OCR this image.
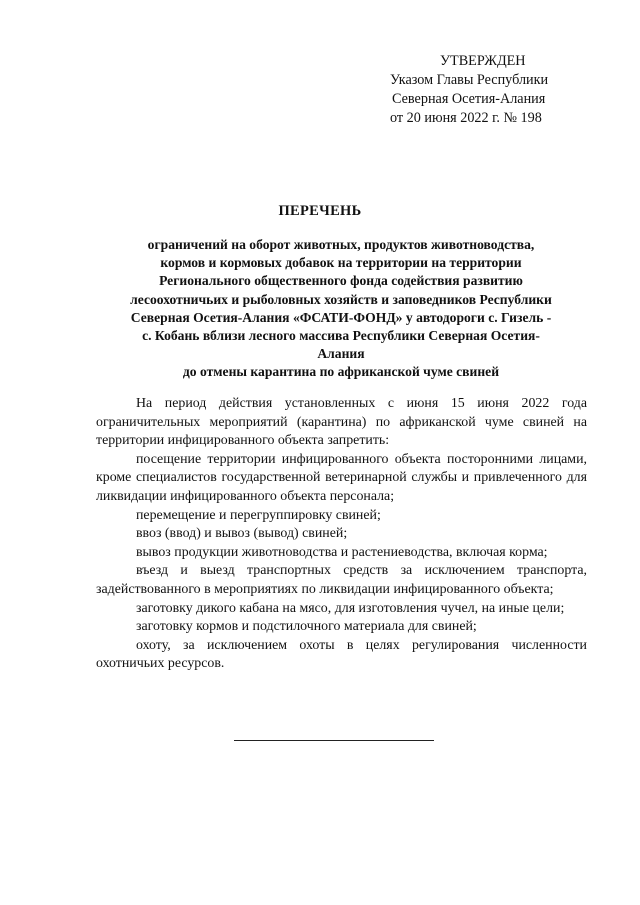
УТВЕРЖДЕН
Указом Главы Республики
Северная Осетия-Алания
от 20 июня 2022 г. № 198
ПЕРЕЧЕНЬ
ограничений на оборот животных, продуктов животноводства,
кормов и кормовых добавок на территории на территории
Регионального общественного фонда содействия развитию
лесоохотничьих и рыболовных хозяйств и заповедников Республики
Северная Осетия-Алания «ФСАТИ-ФОНД» у автодороги с. Гизель -
с. Кобань вблизи лесного массива Республики Северная Осетия-
Алания
до отмены карантина по африканской чуме свиней
На период действия установленных с июня 15 июня 2022 года ограничительных мероприятий (карантина) по африканской чуме свиней на территории инфицированного объекта запретить:
посещение территории инфицированного объекта посторонними лицами, кроме специалистов государственной ветеринарной службы и привлеченного для ликвидации инфицированного объекта персонала;
перемещение и перегруппировку свиней;
ввоз (ввод) и вывоз (вывод) свиней;
вывоз продукции животноводства и растениеводства, включая корма;
въезд и выезд транспортных средств за исключением транспорта, задействованного в мероприятиях по ликвидации инфицированного объекта;
заготовку дикого кабана на мясо, для изготовления чучел, на иные цели;
заготовку кормов и подстилочного материала для свиней;
охоту, за исключением охоты в целях регулирования численности охотничьих ресурсов.
